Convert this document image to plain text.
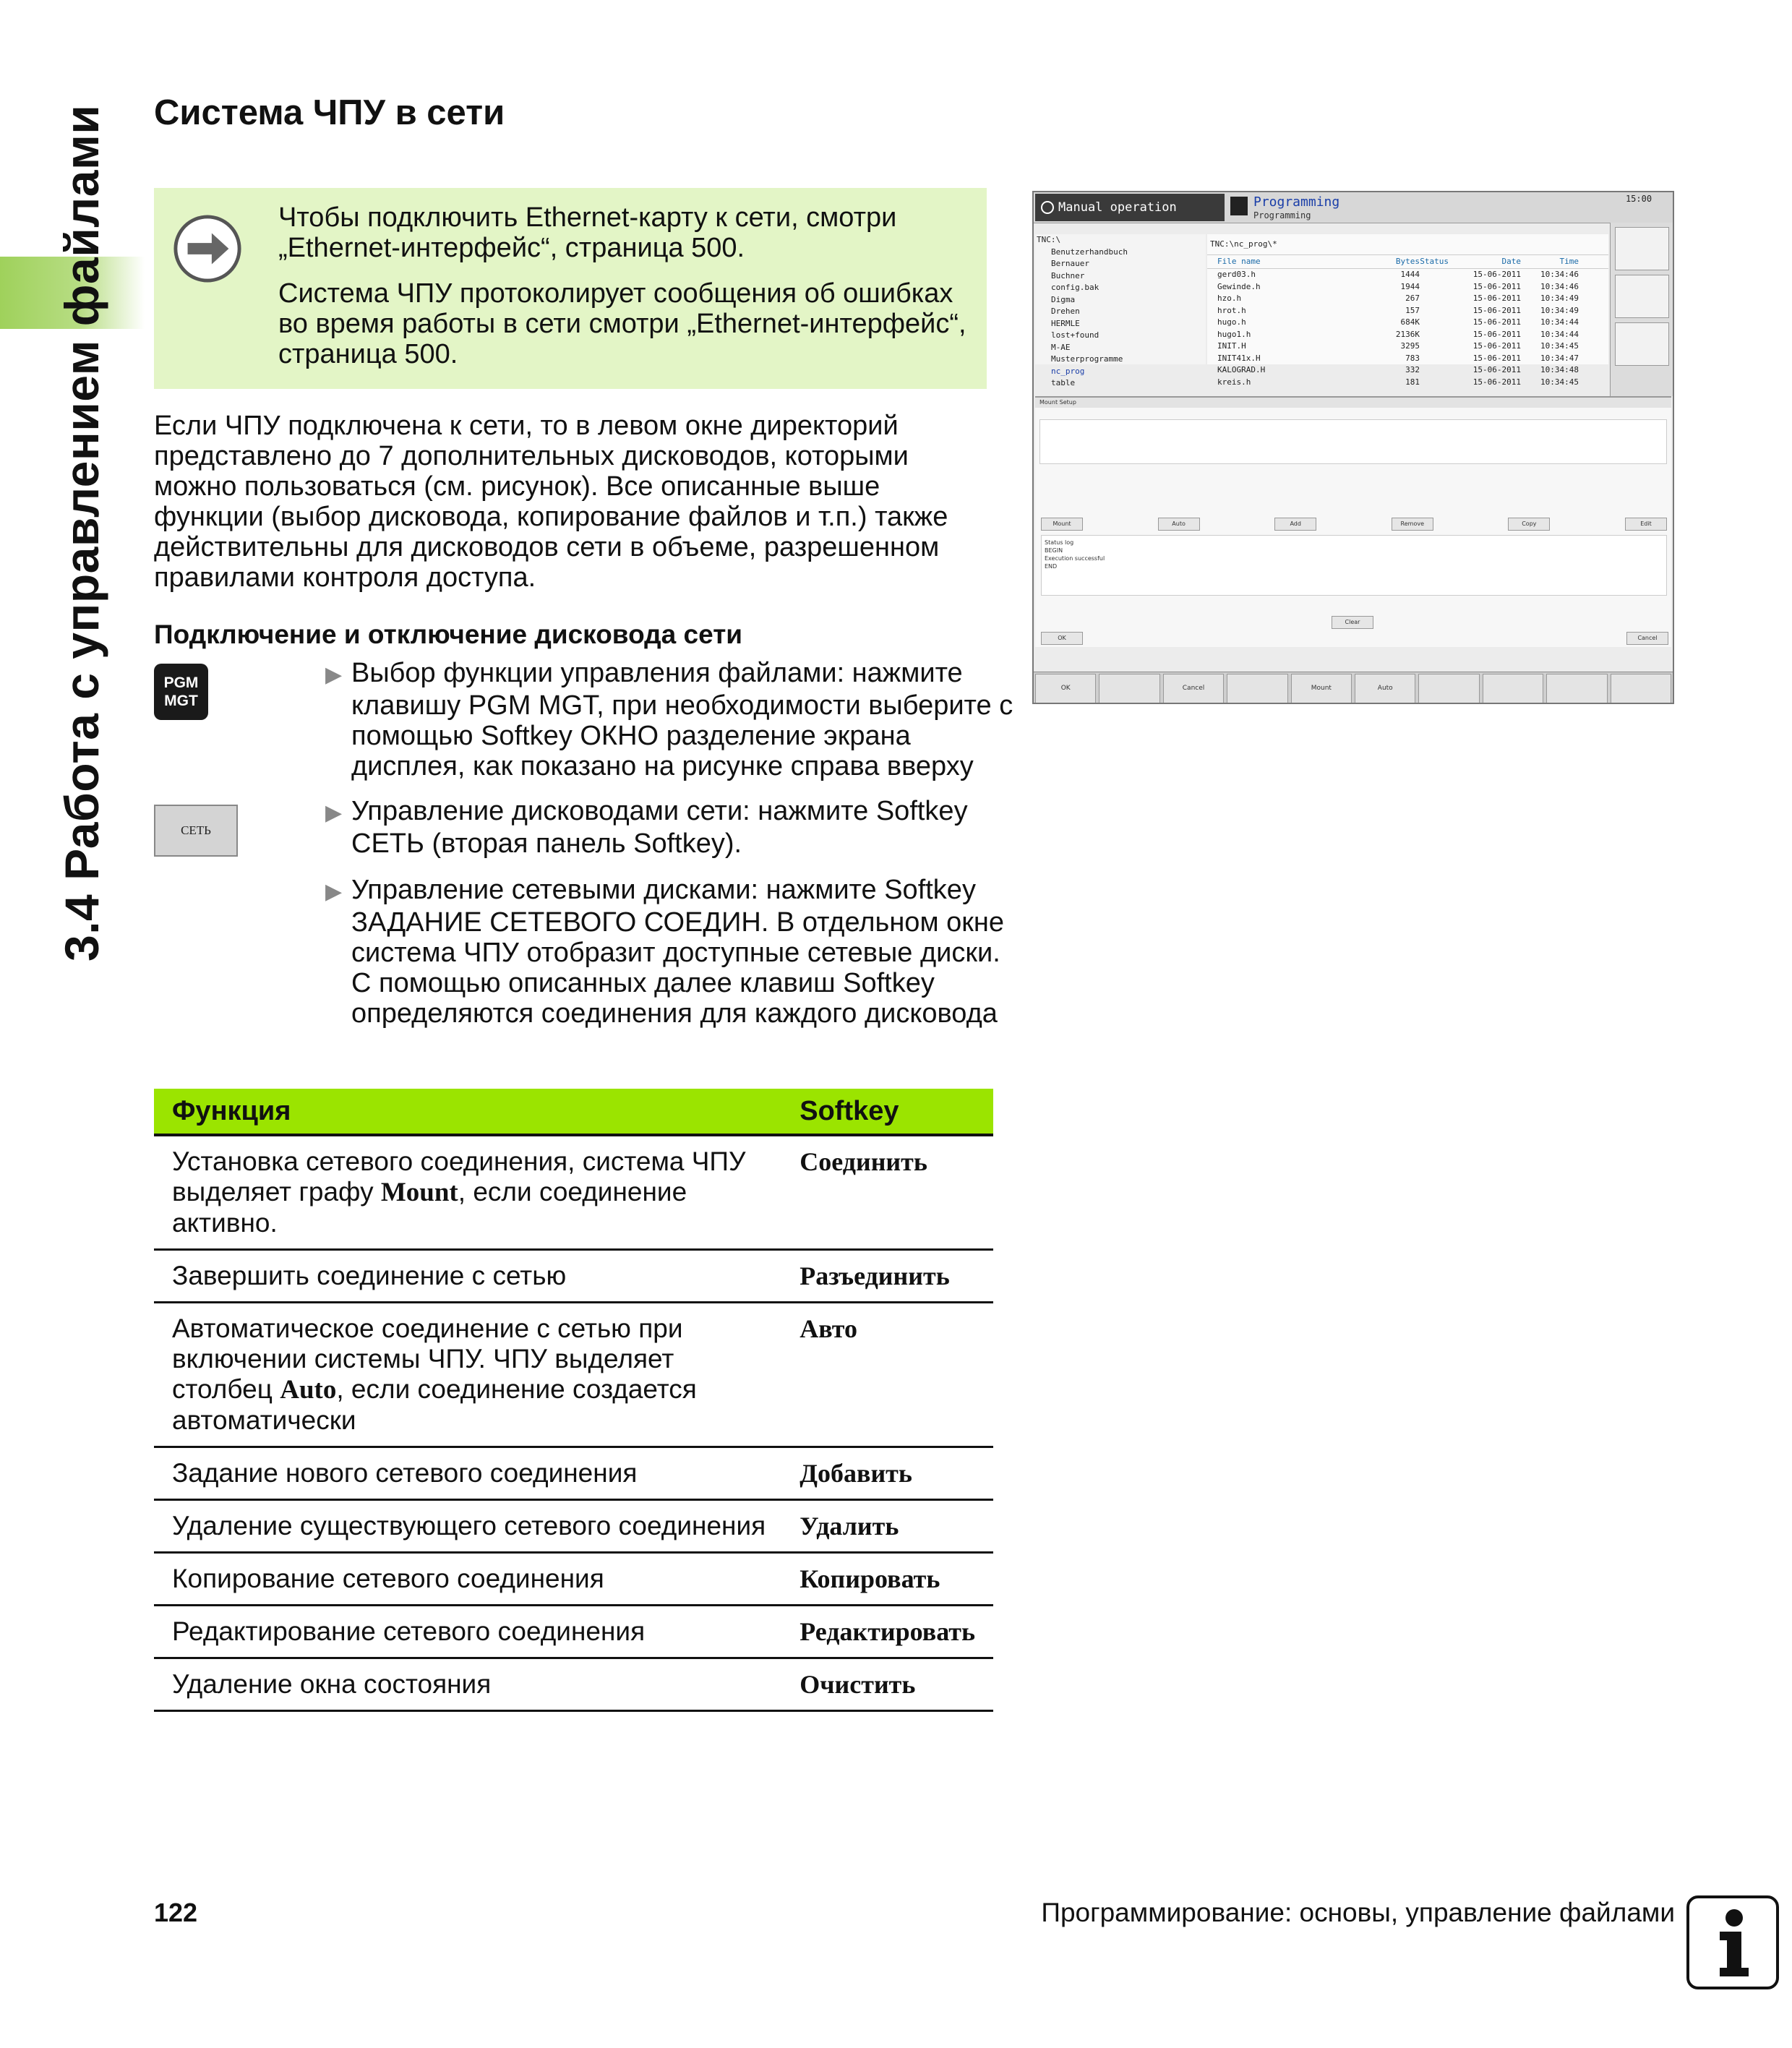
3.4 Работа с управлением файлами Система ЧПУ в сети

Чтобы подключить Ethernet-карту к сети, смотри „Ethernet-интерфейс“, страница 500.

Система ЧПУ протоколирует сообщения об ошибках во время работы в сети смотри „Ethernet-интерфейс“, страница 500.

Если ЧПУ подключена к сети, то в левом окне директорий представлено до 7 дополнительных дисководов, которыми можно пользоваться (см. рисунок). Все описанные выше функции (выбор дисковода, копирование файлов и т.п.) также действительны для дисководов сети в объеме, разрешенном правилами контроля доступа.

Подключение и отключение дисковода сети
PGM
MGT
СЕТЬ

▶ Выбор функции управления файлами: нажмите клавишу PGM MGT, при необходимости выберите с помощью Softkey ОКНО разделение экрана дисплея, как показано на рисунке справа вверху

▶ Управление дисководами сети: нажмите Softkey СЕТЬ (вторая панель Softkey).

▶ Управление сетевыми дисками: нажмите Softkey ЗАДАНИЕ СЕТЕВОГО СОЕДИН. В отдельном окне система ЧПУ отобразит доступные сетевые диски. С помощью описанных далее клавиш Softkey определяются соединения для каждого дисковода

Функция	Softkey
Установка сетевого соединения, система ЧПУ выделяет графу Mount, если соединение активно.	Соединить
Завершить соединение с сетью	Разъединить
Автоматическое соединение с сетью при включении системы ЧПУ. ЧПУ выделяет столбец Auto, если соединение создается автоматически	Авто
Задание нового сетевого соединения	Добавить
Удаление существующего сетевого соединения	Удалить
Копирование сетевого соединения	Копировать
Редактирование сетевого соединения	Редактировать
Удаление окна состояния	Очистить
Manual operation	Programming
Programming
15:00
TNC:\
Benutzerhandbuch
Bernauer
Buchner
config.bak
Digma
Drehen
HERMLE
lost+found
M-AE
Musterprogramme
nc_prog
table
TNC:\nc_prog\*
File name	Bytes Status	Date	Time
gerd03.h	1444	15-06-2011	10:34:46
Gewinde.h	1944	15-06-2011	10:34:46
hzo.h	267	15-06-2011	10:34:49
hrot.h	157	15-06-2011	10:34:49
hugo.h	684K	15-06-2011	10:34:44
hugo1.h	2136K	15-06-2011	10:34:44
INIT.H	3295	15-06-2011	10:34:45
INIT41x.H	783	15-06-2011	10:34:47
KALOGRAD.H	332	15-06-2011	10:34:48
kreis.h	181	15-06-2011	10:34:45
Mount Setup
Mount	Auto	Add	Remove	Copy	Edit
Status log
BEGIN
Execution successful
END
Clear
OK	Cancel
OK	Cancel	Mount	Auto

122	Программирование: основы, управление файлами
